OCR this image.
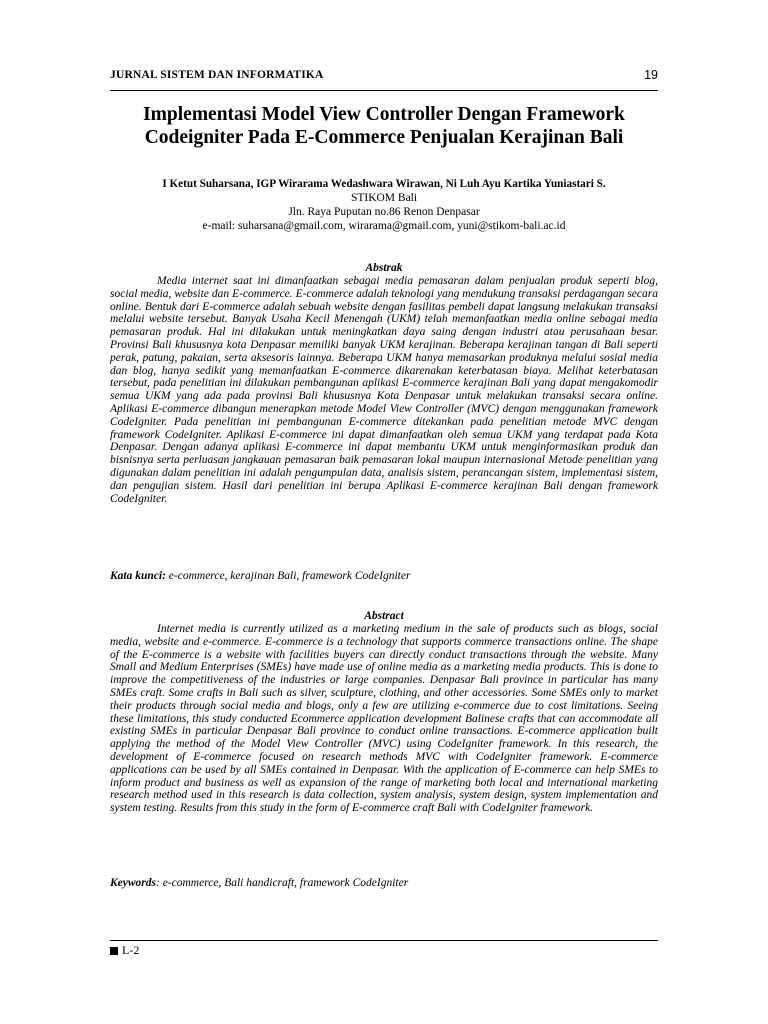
JURNAL SISTEM DAN INFORMATIKA	19
Implementasi Model View Controller Dengan Framework
Codeigniter Pada E-Commerce Penjualan Kerajinan Bali
I Ketut Suharsana, IGP Wirarama Wedashwara Wirawan, Ni Luh Ayu Kartika Yuniastari S.
STIKOM Bali
Jln. Raya Puputan no.86 Renon Denpasar
e-mail: suharsana@gmail.com, wirarama@gmail.com, yuni@stikom-bali.ac.id
Abstrak

Media internet saat ini dimanfaatkan sebagai media pemasaran dalam penjualan produk seperti blog, social media, website dan E-commerce. E-commerce adalah teknologi yang mendukung transaksi perdagangan secara online. Bentuk dari E-commerce adalah sebuah website dengan fasilitas pembeli dapat langsung melakukan transaksi melalui website tersebut. Banyak Usaha Kecil Menengah (UKM) telah memanfaatkan media online sebagai media pemasaran produk. Hal ini dilakukan untuk meningkatkan daya saing dengan industri atau perusahaan besar. Provinsi Bali khususnya kota Denpasar memiliki banyak UKM kerajinan. Beberapa kerajinan tangan di Bali seperti perak, patung, pakaian, serta aksesoris lainnya. Beberapa UKM hanya memasarkan produknya melalui sosial media dan blog, hanya sedikit yang memanfaatkan E-commerce dikarenakan keterbatasan biaya. Melihat keterbatasan tersebut, pada penelitian ini dilakukan pembangunan aplikasi E-commerce kerajinan Bali yang dapat mengakomodir semua UKM yang ada pada provinsi Bali khususnya Kota Denpasar untuk melakukan transaksi secara online. Aplikasi E-commerce dibangun menerapkan metode Model View Controller (MVC) dengan menggunakan framework CodeIgniter. Pada penelitian ini pembangunan E-commerce ditekankan pada penelitian metode MVC dengan framework CodeIgniter. Aplikasi E-commerce ini dapat dimanfaatkan oleh semua UKM yang terdapat pada Kota Denpasar. Dengan adanya aplikasi E-commerce ini dapat membantu UKM untuk menginformasikan produk dan bisnisnya serta perluasan jangkauan pemasaran baik pemasaran lokal maupun internasional Metode penelitian yang digunakan dalam penelitian ini adalah pengumpulan data, analisis sistem, perancangan sistem, implementasi sistem, dan pengujian sistem. Hasil dari penelitian ini berupa Aplikasi E-commerce kerajinan Bali dengan framework CodeIgniter.

Kata kunci: e-commerce, kerajinan Bali, framework CodeIgniter
Abstract

Internet media is currently utilized as a marketing medium in the sale of products such as blogs, social media, website and e-commerce. E-commerce is a technology that supports commerce transactions online. The shape of the E-commerce is a website with facilities buyers can directly conduct transactions through the website. Many Small and Medium Enterprises (SMEs) have made use of online media as a marketing media products. This is done to improve the competitiveness of the industries or large companies. Denpasar Bali province in particular has many SMEs craft. Some crafts in Bali such as silver, sculpture, clothing, and other accessories. Some SMEs only to market their products through social media and blogs, only a few are utilizing e-commerce due to cost limitations. Seeing these limitations, this study conducted Ecommerce application development Balinese crafts that can accommodate all existing SMEs in particular Denpasar Bali province to conduct online transactions. E-commerce application built applying the method of the Model View Controller (MVC) using CodeIgniter framework. In this research, the development of E-commerce focused on research methods MVC with CodeIgniter framework. E-commerce applications can be used by all SMEs contained in Denpasar. With the application of E-commerce can help SMEs to inform product and business as well as expansion of the range of marketing both local and international marketing research method used in this research is data collection, system analysis, system design, system implementation and system testing. Results from this study in the form of E-commerce craft Bali with CodeIgniter framework.

Keywords: e-commerce, Bali handicraft, framework CodeIgniter
L-2
